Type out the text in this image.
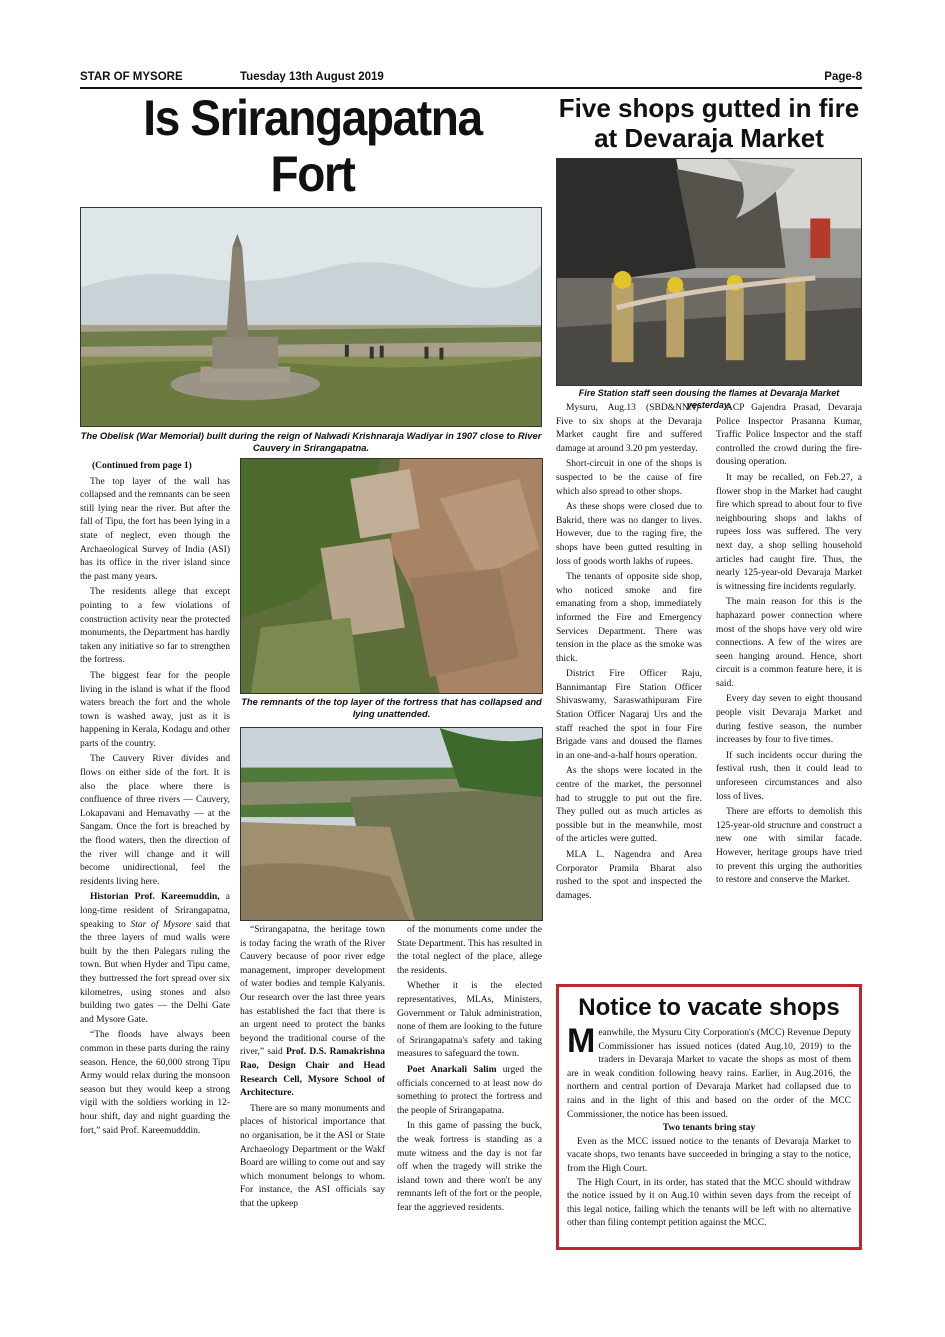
STAR OF MYSORE	Tuesday 13th August 2019	Page-8
Is Srirangapatna Fort
Five shops gutted in fire
at Devaraja Market
The Obelisk (War Memorial) built during the reign of Nalwadi Krishnaraja Wadiyar in 1907 close to River Cauvery in Srirangapatna.
The remnants of the top layer of the fortress that has collapsed and lying unattended.

(Continued from page 1)

The top layer of the wall has collapsed and the remnants can be seen still lying near the river. But after the fall of Tipu, the fort has been lying in a state of neglect, even though the Archaeological Survey of India (ASI) has its office in the river island since the past many years.

The residents allege that except pointing to a few violations of construction activity near the protected monuments, the Department has hardly taken any initiative so far to strengthen the fortress.

The biggest fear for the people living in the island is what if the flood waters breach the fort and the whole town is washed away, just as it is happening in Kerala, Kodagu and other parts of the country.

The Cauvery River divides and flows on either side of the fort. It is also the place where there is confluence of three rivers — Cauvery, Lokapavani and Hemavathy — at the Sangam. Once the fort is breached by the flood waters, then the direction of the river will change and it will become unidirectional, feel the residents living here.

Historian Prof. Kareemuddin, a long-time resident of Srirangapatna, speaking to Star of Mysore said that the three layers of mud walls were built by the then Palegars ruling the town. But when Hyder and Tipu came, they buttressed the fort spread over six kilometres, using stones and also building two gates — the Delhi Gate and Mysore Gate.

“The floods have always been common in these parts during the rainy season. Hence, the 60,000 strong Tipu Army would relax during the monsoon season but they would keep a strong vigil with the soldiers working in 12-hour shift, day and night guarding the fort,” said Prof. Kareemudddin.

“Srirangapatna, the heritage town is today facing the wrath of the River Cauvery because of poor river edge management, improper development of water bodies and temple Kalyanis. Our research over the last three years has established the fact that there is an urgent need to protect the banks beyond the traditional course of the river,” said Prof. D.S. Ramakrishna Rao, Design Chair and Head Research Cell, Mysore School of Architecture.

There are so many monuments and places of historical importance that no organisation, be it the ASI or State Archaeology Department or the Wakf Board are willing to come out and say which monument belongs to whom. For instance, the ASI officials say that the upkeep

of the monuments come under the State Department. This has resulted in the total neglect of the place, allege the residents.

Whether it is the elected representatives, MLAs, Ministers, Government or Taluk administration, none of them are looking to the future of Srirangapatna's safety and taking measures to safeguard the town.

Poet Anarkali Salim urged the officials concerned to at least now do something to protect the fortress and the people of Srirangapatna.

In this game of passing the buck, the weak fortress is standing as a mute witness and the day is not far off when the tragedy will strike the island town and there won't be any remnants left of the fort or the people, fear the aggrieved residents.

Fire Station staff seen dousing the flames at Devaraja Market yesterday.

Mysuru, Aug.13 (SBD&NNN)- Five to six shops at the Devaraja Market caught fire and suffered damage at around 3.20 pm yesterday.

Short-circuit in one of the shops is suspected to be the cause of fire which also spread to other shops.

As these shops were closed due to Bakrid, there was no danger to lives. However, due to the raging fire, the shops have been gutted resulting in loss of goods worth lakhs of rupees.

The tenants of opposite side shop, who noticed smoke and fire emanating from a shop, immediately informed the Fire and Emergency Services Department. There was tension in the place as the smoke was thick.

District Fire Officer Raju, Bannimantap Fire Station Officer Shivaswamy, Saraswathipuram Fire Station Officer Nagaraj Urs and the staff reached the spot in four Fire Brigade vans and doused the flames in an one-and-a-half hours operation.

As the shops were located in the centre of the market, the personnel had to struggle to put out the fire. They pulled out as much articles as possible but in the meanwhile, most of the articles were gutted.

MLA L. Nagendra and Area Corporator Pramila Bharat also rushed to the spot and inspected the damages.

ACP Gajendra Prasad, Devaraja Police Inspector Prasanna Kumar, Traffic Police Inspector and the staff controlled the crowd during the fire-dousing operation.

It may be recalled, on Feb.27, a flower shop in the Market had caught fire which spread to about four to five neighbouring shops and lakhs of rupees loss was suffered. The very next day, a shop selling household articles had caught fire. Thus, the nearly 125-year-old Devaraja Market is witnessing fire incidents regularly.

The main reason for this is the haphazard power connection where most of the shops have very old wire connections. A few of the wires are seen hanging around. Hence, short circuit is a common feature here, it is said.

Every day seven to eight thousand people visit Devaraja Market and during festive season, the number increases by four to five times.

If such incidents occur during the festival rush, then it could lead to unforeseen circumstances and also loss of lives.

There are efforts to demolish this 125-year-old structure and construct a new one with similar facade. However, heritage groups have tried to prevent this urging the authorities to restore and conserve the Market.

Notice to vacate shops

Meanwhile, the Mysuru City Corporation's (MCC) Revenue Deputy Commissioner has issued notices (dated Aug.10, 2019) to the traders in Devaraja Market to vacate the shops as most of them are in weak condition following heavy rains. Earlier, in Aug.2016, the northern and central portion of Devaraja Market had collapsed due to rains and in the light of this and based on the order of the MCC Commissioner, the notice has been issued.

Two tenants bring stay

Even as the MCC issued notice to the tenants of Devaraja Market to vacate shops, two tenants have succeeded in bringing a stay to the notice, from the High Court.

The High Court, in its order, has stated that the MCC should withdraw the notice issued by it on Aug.10 within seven days from the receipt of this legal notice, failing which the tenants will be left with no alternative other than filing contempt petition against the MCC.
